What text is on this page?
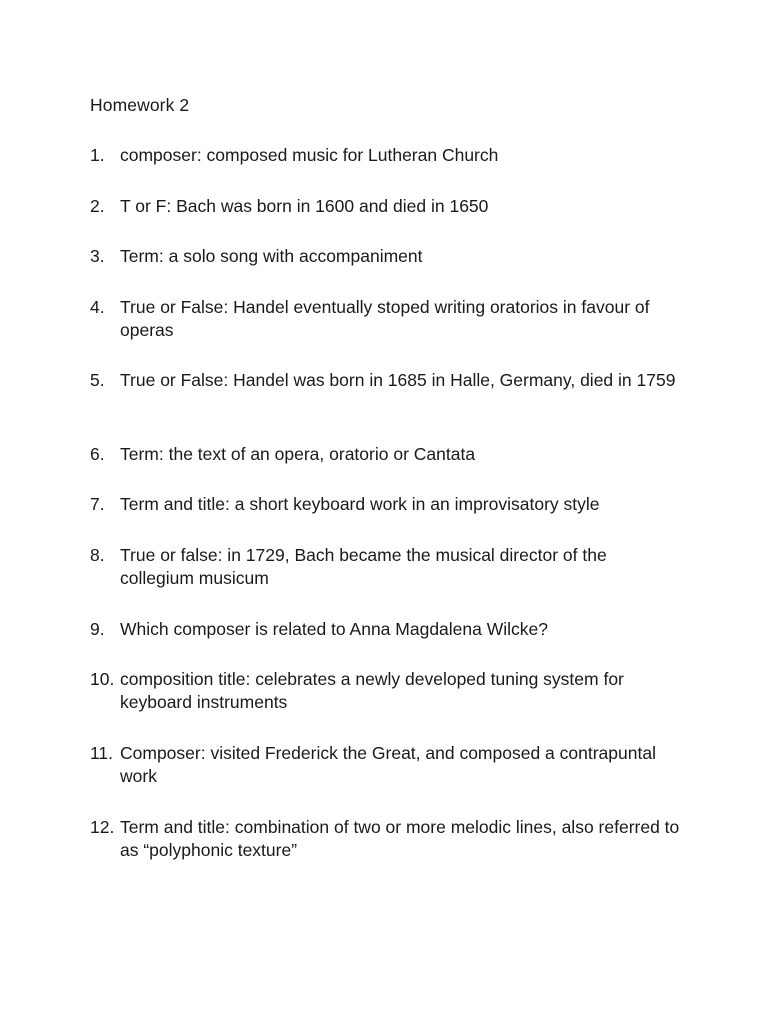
Homework 2
1. composer: composed music for Lutheran Church
2. T or F: Bach was born in 1600 and died in 1650
3. Term: a solo song with accompaniment
4. True or False: Handel eventually stoped writing oratorios in favour of operas
5. True or False: Handel was born in 1685 in Halle, Germany, died in 1759
6. Term: the text of an opera, oratorio or Cantata
7. Term and title: a short keyboard work in an improvisatory style
8. True or false: in 1729, Bach became the musical director of the collegium musicum
9. Which composer is related to Anna Magdalena Wilcke?
10. composition title: celebrates a newly developed tuning system for keyboard instruments
11. Composer: visited Frederick the Great, and composed a contrapuntal work
12. Term and title: combination of two or more melodic lines, also referred to as “polyphonic texture”
